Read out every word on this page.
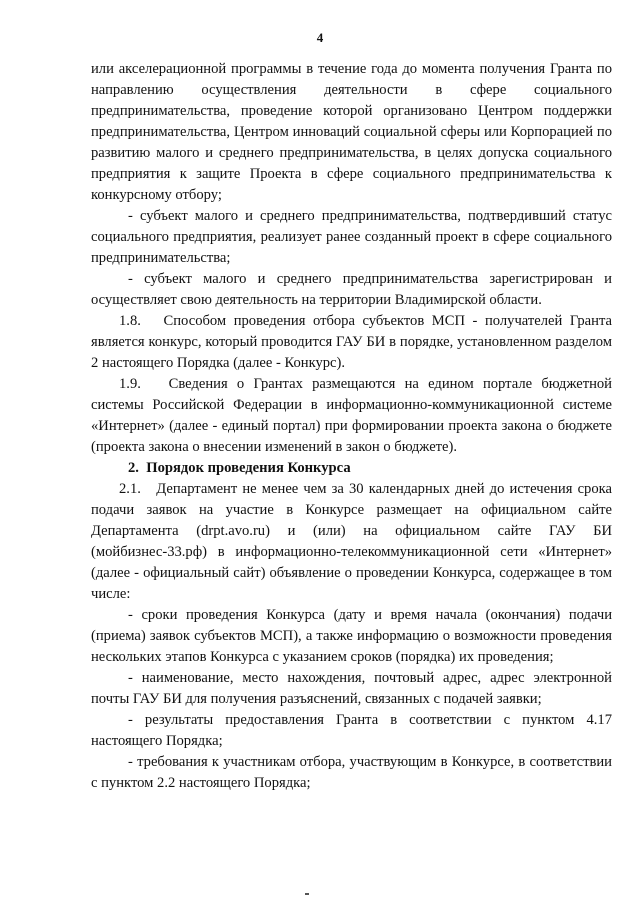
4

или акселерационной программы в течение года до момента получения Гранта по направлению осуществления деятельности в сфере социального предпринимательства, проведение которой организовано Центром поддержки предпринимательства, Центром инноваций социальной сферы или Корпорацией по развитию малого и среднего предпринимательства, в целях допуска социального предприятия к защите Проекта в сфере социального предпринимательства к конкурсному отбору;

- субъект малого и среднего предпринимательства, подтвердивший статус социального предприятия, реализует ранее созданный проект в сфере социального предпринимательства;

- субъект малого и среднего предпринимательства зарегистрирован и осуществляет свою деятельность на территории Владимирской области.

1.8.   Способом проведения отбора субъектов МСП - получателей Гранта является конкурс, который проводится ГАУ БИ в порядке, установленном разделом 2 настоящего Порядка (далее - Конкурс).

1.9.   Сведения о Грантах размещаются на едином портале бюджетной системы Российской Федерации в информационно-коммуникационной системе «Интернет» (далее - единый портал) при формировании проекта закона о бюджете (проекта закона о внесении изменений в закон о бюджете).

2.  Порядок проведения Конкурса

2.1.   Департамент не менее чем за 30 календарных дней до истечения срока подачи заявок на участие в Конкурсе размещает на официальном сайте Департамента (drpt.avo.ru) и (или) на официальном сайте ГАУ БИ (мойбизнес-33.рф) в информационно-телекоммуникационной сети «Интернет» (далее - официальный сайт) объявление о проведении Конкурса, содержащее в том числе:

- сроки проведения Конкурса (дату и время начала (окончания) подачи (приема) заявок субъектов МСП), а также информацию о возможности проведения нескольких этапов Конкурса с указанием сроков (порядка) их проведения;

- наименование, место нахождения, почтовый адрес, адрес электронной почты ГАУ БИ для получения разъяснений, связанных с подачей заявки;

- результаты предоставления Гранта в соответствии с пунктом 4.17 настоящего Порядка;

- требования к участникам отбора, участвующим в Конкурсе, в соответствии с пунктом 2.2 настоящего Порядка;
